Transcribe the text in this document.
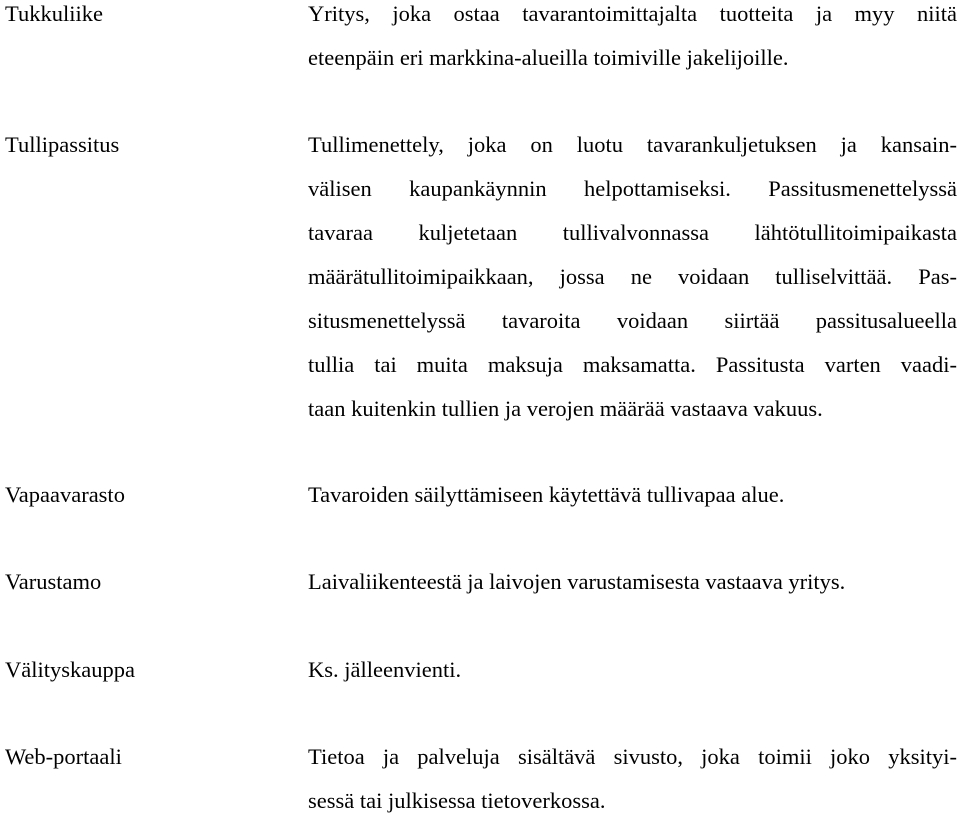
Tukkuliike	Yritys, joka ostaa tavarantoimittajalta tuotteita ja myy niitä
eteenpäin eri markkina-alueilla toimiville jakelijoille.
Tullipassitus	Tullimenettely, joka on luotu tavarankuljetuksen ja kansain-
välisen kaupankäynnin helpottamiseksi. Passitusmenettelyssä
tavaraa kuljetetaan tullivalvonnassa lähtötullitoimipaikasta
määrätullitoimipaikkaan, jossa ne voidaan tulliselvittää. Pas-
situsmenettelyssä tavaroita voidaan siirtää passitusalueella
tullia tai muita maksuja maksamatta. Passitusta varten vaadi-
taan kuitenkin tullien ja verojen määrää vastaava vakuus.
Vapaavarasto	Tavaroiden säilyttämiseen käytettävä tullivapaa alue.
Varustamo	Laivaliikenteestä ja laivojen varustamisesta vastaava yritys.
Välityskauppa	Ks. jälleenvienti.
Web-portaali	Tietoa ja palveluja sisältävä sivusto, joka toimii joko yksityi-
sessä tai julkisessa tietoverkossa.
